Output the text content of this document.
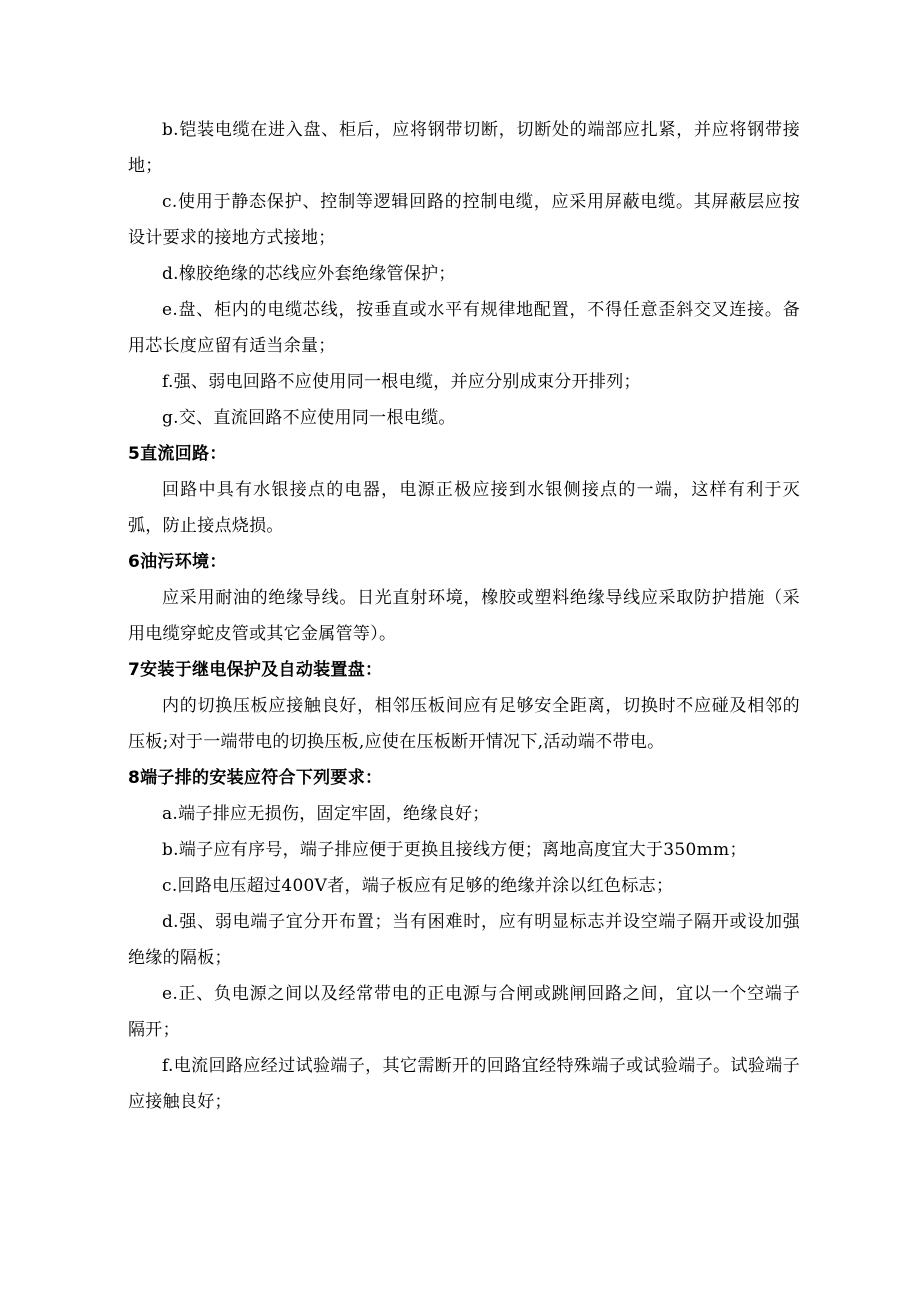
b.铠装电缆在进入盘、柜后，应将钢带切断，切断处的端部应扎紧，并应将钢带接地；

c.使用于静态保护、控制等逻辑回路的控制电缆，应采用屏蔽电缆。其屏蔽层应按设计要求的接地方式接地；

d.橡胶绝缘的芯线应外套绝缘管保护；

e.盘、柜内的电缆芯线，按垂直或水平有规律地配置，不得任意歪斜交叉连接。备用芯长度应留有适当余量；

f.强、弱电回路不应使用同一根电缆，并应分别成束分开排列；

g.交、直流回路不应使用同一根电缆。

5直流回路：

回路中具有水银接点的电器，电源正极应接到水银侧接点的一端，这样有利于灭弧，防止接点烧损。

6油污环境：

应采用耐油的绝缘导线。日光直射环境，橡胶或塑料绝缘导线应采取防护措施（采用电缆穿蛇皮管或其它金属管等）。

7安装于继电保护及自动装置盘：

内的切换压板应接触良好，相邻压板间应有足够安全距离，切换时不应碰及相邻的压板;对于一端带电的切换压板,应使在压板断开情况下,活动端不带电。

8端子排的安装应符合下列要求：

a.端子排应无损伤，固定牢固，绝缘良好；

b.端子应有序号，端子排应便于更换且接线方便；离地高度宜大于350mm；

c.回路电压超过400V者，端子板应有足够的绝缘并涂以红色标志；

d.强、弱电端子宜分开布置；当有困难时，应有明显标志并设空端子隔开或设加强绝缘的隔板；

e.正、负电源之间以及经常带电的正电源与合闸或跳闸回路之间，宜以一个空端子隔开；

f.电流回路应经过试验端子，其它需断开的回路宜经特殊端子或试验端子。试验端子应接触良好；
